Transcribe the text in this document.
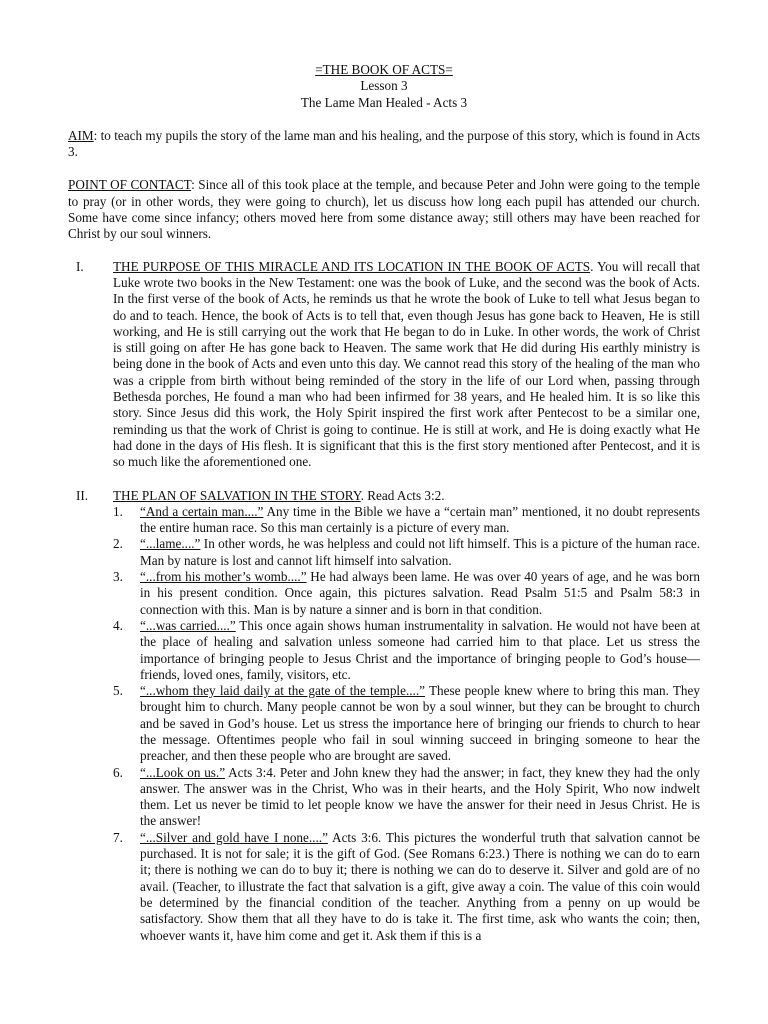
=THE BOOK OF ACTS=
Lesson 3
The Lame Man Healed - Acts 3

AIM: to teach my pupils the story of the lame man and his healing, and the purpose of this story, which is found in Acts 3.

POINT OF CONTACT: Since all of this took place at the temple, and because Peter and John were going to the temple to pray (or in other words, they were going to church), let us discuss how long each pupil has attended our church. Some have come since infancy; others moved here from some distance away; still others may have been reached for Christ by our soul winners.

I. THE PURPOSE OF THIS MIRACLE AND ITS LOCATION IN THE BOOK OF ACTS. You will recall that Luke wrote two books in the New Testament: one was the book of Luke, and the second was the book of Acts. In the first verse of the book of Acts, he reminds us that he wrote the book of Luke to tell what Jesus began to do and to teach. Hence, the book of Acts is to tell that, even though Jesus has gone back to Heaven, He is still working, and He is still carrying out the work that He began to do in Luke. In other words, the work of Christ is still going on after He has gone back to Heaven. The same work that He did during His earthly ministry is being done in the book of Acts and even unto this day. We cannot read this story of the healing of the man who was a cripple from birth without being reminded of the story in the life of our Lord when, passing through Bethesda porches, He found a man who had been infirmed for 38 years, and He healed him. It is so like this story. Since Jesus did this work, the Holy Spirit inspired the first work after Pentecost to be a similar one, reminding us that the work of Christ is going to continue. He is still at work, and He is doing exactly what He had done in the days of His flesh. It is significant that this is the first story mentioned after Pentecost, and it is so much like the aforementioned one.

II. THE PLAN OF SALVATION IN THE STORY. Read Acts 3:2.

1. “And a certain man....” Any time in the Bible we have a “certain man” mentioned, it no doubt represents the entire human race. So this man certainly is a picture of every man.
2. “...lame....” In other words, he was helpless and could not lift himself. This is a picture of the human race. Man by nature is lost and cannot lift himself into salvation.
3. “...from his mother’s womb....” He had always been lame. He was over 40 years of age, and he was born in his present condition. Once again, this pictures salvation. Read Psalm 51:5 and Psalm 58:3 in connection with this. Man is by nature a sinner and is born in that condition.
4. “...was carried....” This once again shows human instrumentality in salvation. He would not have been at the place of healing and salvation unless someone had carried him to that place. Let us stress the importance of bringing people to Jesus Christ and the importance of bringing people to God’s house—friends, loved ones, family, visitors, etc.
5. “...whom they laid daily at the gate of the temple....” These people knew where to bring this man. They brought him to church. Many people cannot be won by a soul winner, but they can be brought to church and be saved in God’s house. Let us stress the importance here of bringing our friends to church to hear the message. Oftentimes people who fail in soul winning succeed in bringing someone to hear the preacher, and then these people who are brought are saved.
6. “...Look on us.” Acts 3:4. Peter and John knew they had the answer; in fact, they knew they had the only answer. The answer was in the Christ, Who was in their hearts, and the Holy Spirit, Who now indwelt them. Let us never be timid to let people know we have the answer for their need in Jesus Christ. He is the answer!
7. “...Silver and gold have I none....” Acts 3:6. This pictures the wonderful truth that salvation cannot be purchased. It is not for sale; it is the gift of God. (See Romans 6:23.) There is nothing we can do to earn it; there is nothing we can do to buy it; there is nothing we can do to deserve it. Silver and gold are of no avail. (Teacher, to illustrate the fact that salvation is a gift, give away a coin. The value of this coin would be determined by the financial condition of the teacher. Anything from a penny on up would be satisfactory. Show them that all they have to do is take it. The first time, ask who wants the coin; then, whoever wants it, have him come and get it. Ask them if this is a
